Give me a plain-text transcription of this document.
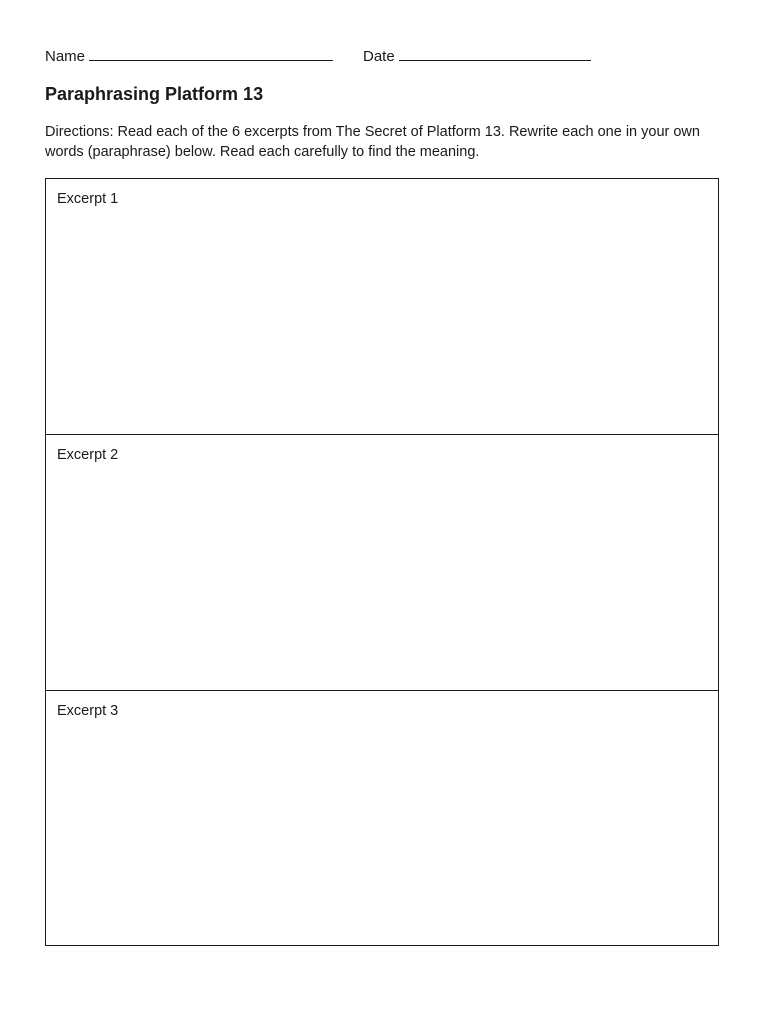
Name	Date
Paraphrasing Platform 13

Directions: Read each of the 6 excerpts from The Secret of Platform 13. Rewrite each one in your own words (paraphrase) below. Read each carefully to find the meaning.

Excerpt 1
Excerpt 2
Excerpt 3
